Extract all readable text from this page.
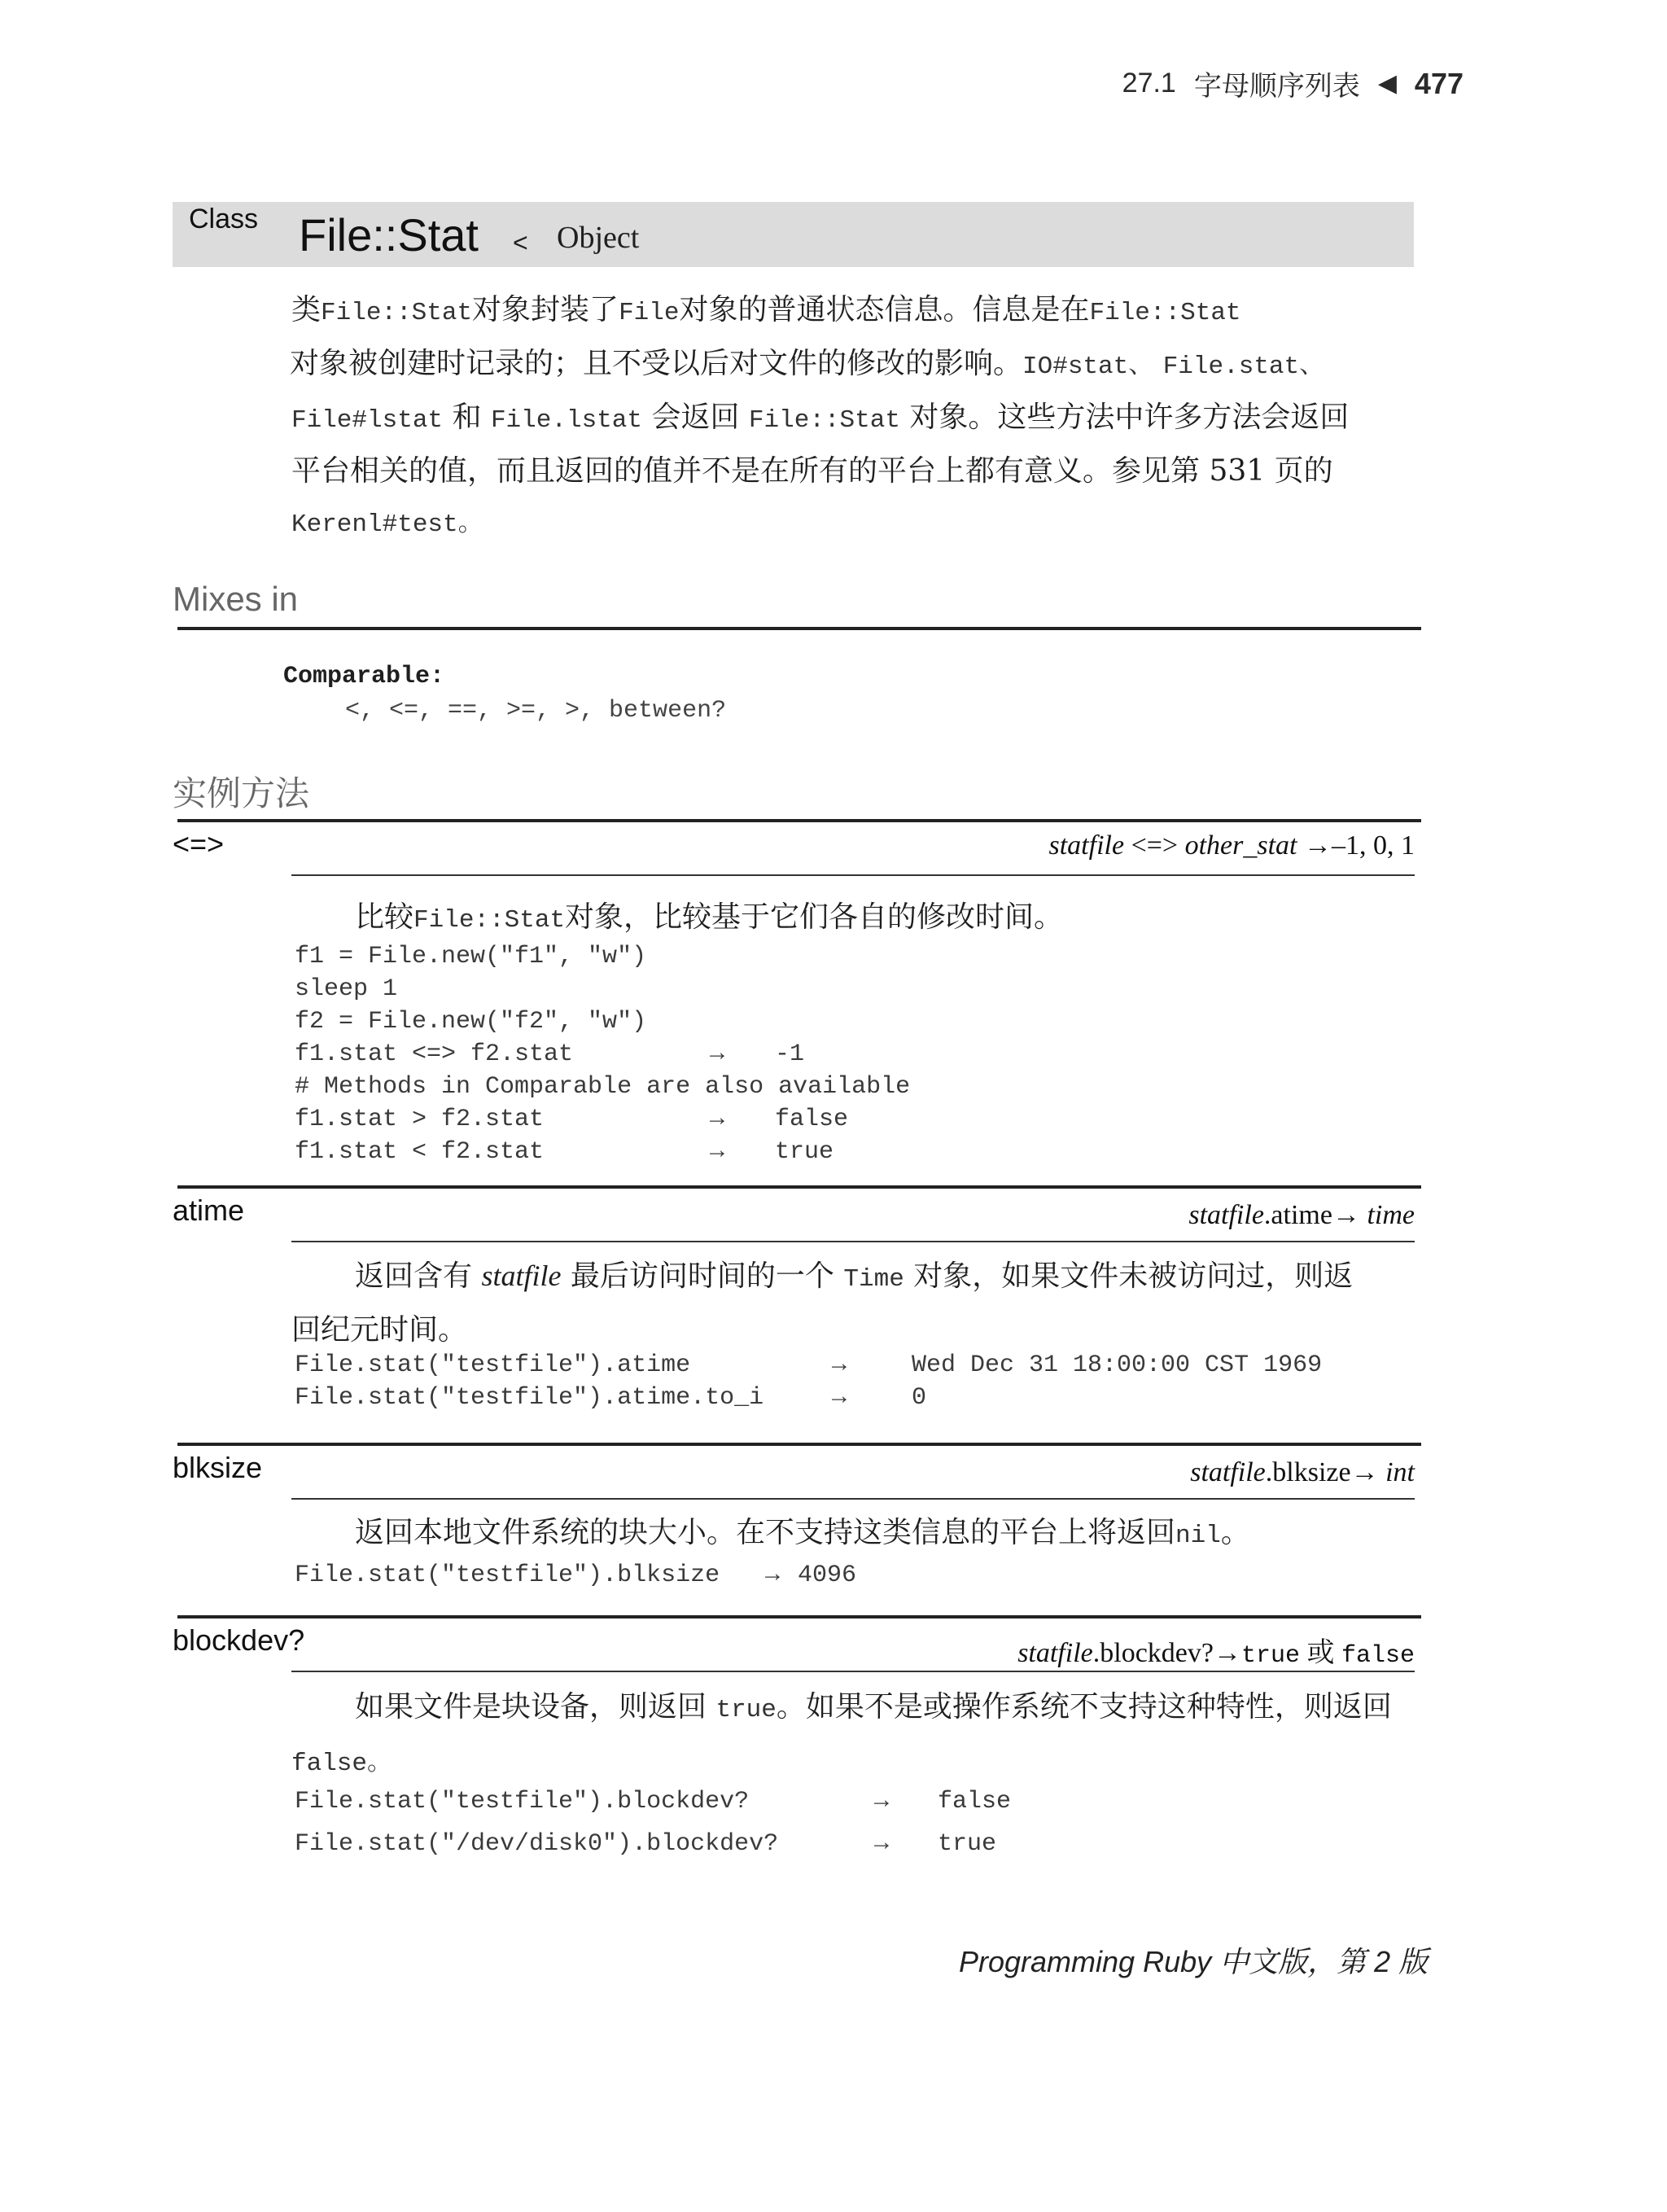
27.1 字母顺序列表 ◀ 477
Class File::Stat < Object
类File::Stat对象封装了File对象的普通状态信息。信息是在File::Stat
对象被创建时记录的；且不受以后对文件的修改的影响。IO#stat、 File.stat、
File#lstat 和 File.lstat 会返回 File::Stat 对象。这些方法中许多方法会返回
平台相关的值，而且返回的值并不是在所有的平台上都有意义。参见第 531 页的
Kerenl#test。
Mixes in
Comparable:
<, <=, ==, >=, >, between?
实例方法
<=>	statfile <=> other_stat →–1, 0, 1
比较File::Stat对象，比较基于它们各自的修改时间。
f1 = File.new("f1", "w")
sleep 1
f2 = File.new("f2", "w")
f1.stat <=> f2.stat	→ -1
# Methods in Comparable are also available
f1.stat > f2.stat	→ false
f1.stat < f2.stat	→ true
atime	statfile.atime→ time
返回含有 statfile 最后访问时间的一个 Time 对象，如果文件未被访问过，则返
回纪元时间。
File.stat("testfile").atime	→	Wed Dec 31 18:00:00 CST 1969
File.stat("testfile").atime.to_i	→	0
blksize	statfile.blksize→ int
返回本地文件系统的块大小。在不支持这类信息的平台上将返回nil。
File.stat("testfile").blksize → 4096
blockdev?	statfile.blockdev?→true 或 false
如果文件是块设备，则返回 true。如果不是或操作系统不支持这种特性，则返回
false。
File.stat("testfile").blockdev?	→ false
File.stat("/dev/disk0").blockdev?	→ true
Programming Ruby 中文版，第 2 版
